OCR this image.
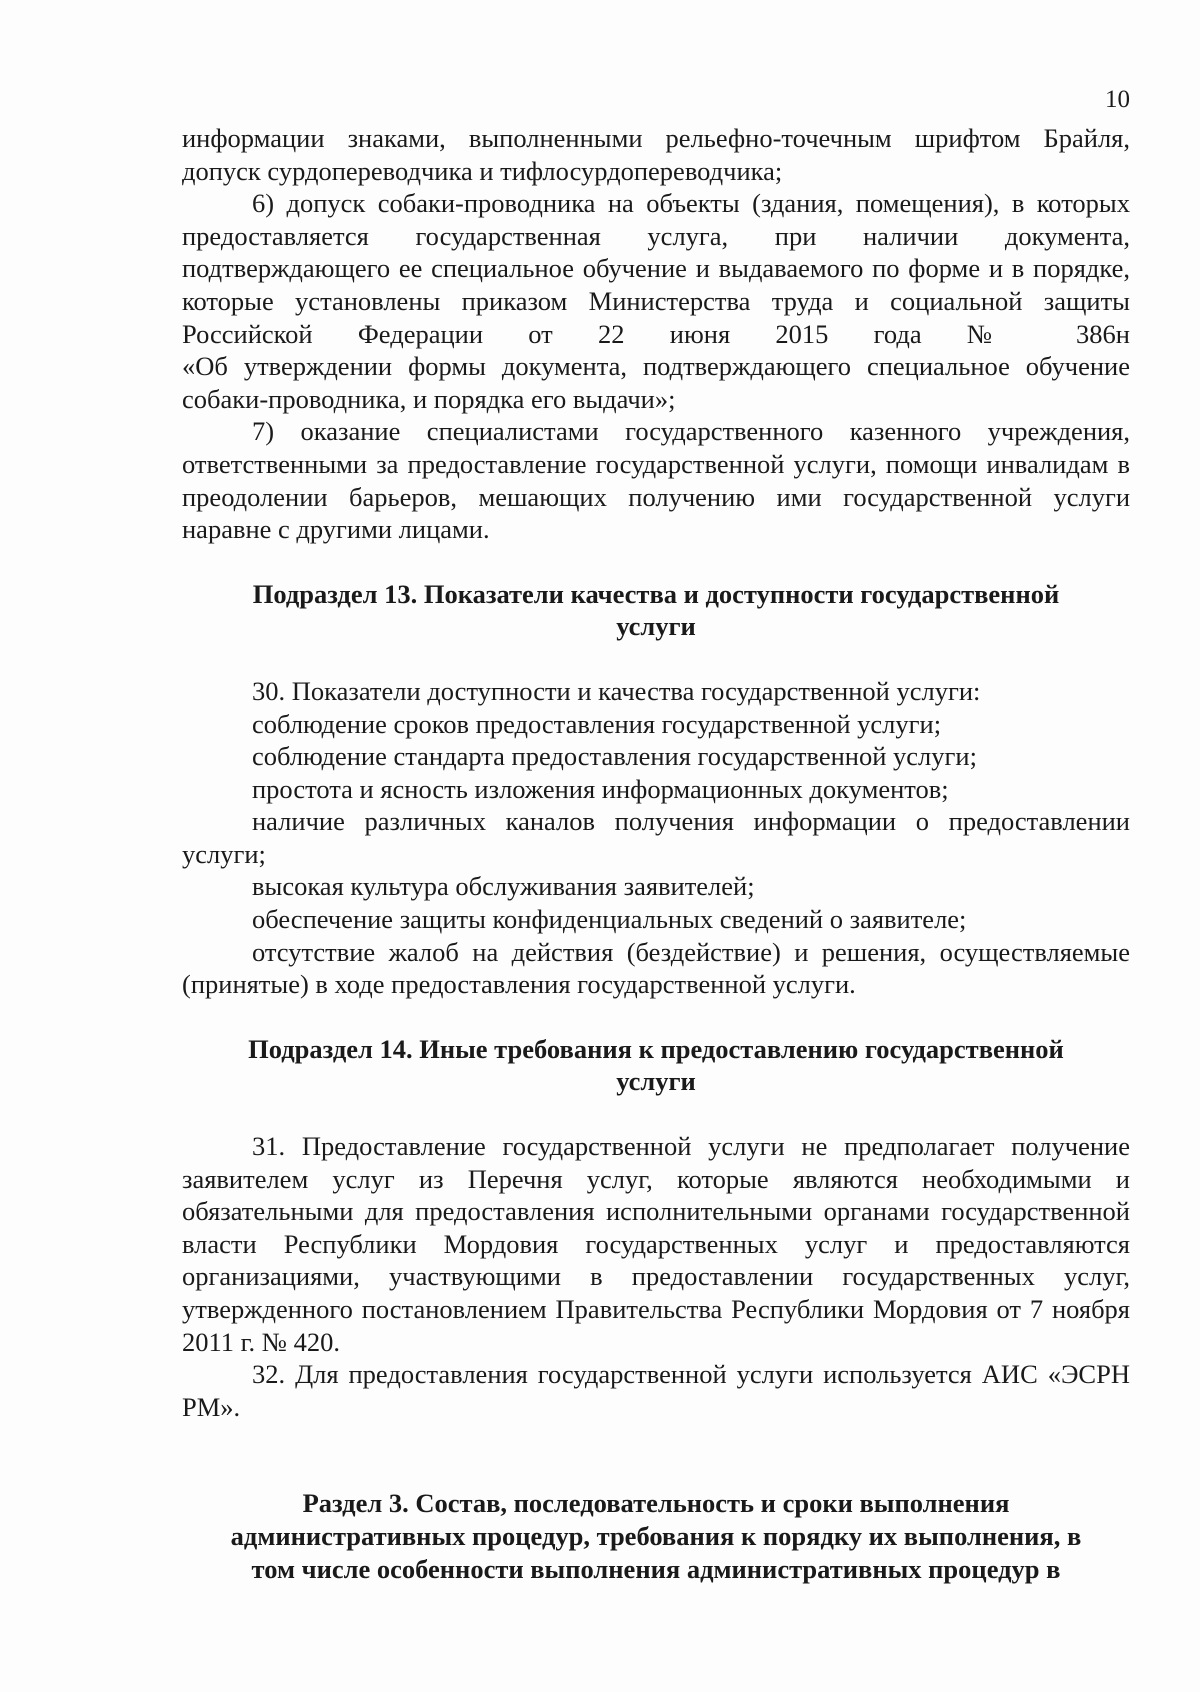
10

информации знаками, выполненными рельефно-точечным шрифтом Брайля, допуск сурдопереводчика и тифлосурдопереводчика;

6) допуск собаки-проводника на объекты (здания, помещения), в которых предоставляется государственная услуга, при наличии документа, подтверждающего ее специальное обучение и выдаваемого по форме и в порядке, которые установлены приказом Министерства труда и социальной защиты Российской Федерации от 22 июня 2015 года № 386н

«Об утверждении формы документа, подтверждающего специальное обучение собаки-проводника, и порядка его выдачи»;

7) оказание специалистами государственного казенного учреждения, ответственными за предоставление государственной услуги, помощи инвалидам в преодолении барьеров, мешающих получению ими государственной услуги наравне с другими лицами.

Подраздел 13. Показатели качества и доступности государственной
услуги

30. Показатели доступности и качества государственной услуги:

соблюдение сроков предоставления государственной услуги;

соблюдение стандарта предоставления государственной услуги;

простота и ясность изложения информационных документов;

наличие различных каналов получения информации о предоставлении услуги;

высокая культура обслуживания заявителей;

обеспечение защиты конфиденциальных сведений о заявителе;

отсутствие жалоб на действия (бездействие) и решения, осуществляемые (принятые) в ходе предоставления государственной услуги.

Подраздел 14. Иные требования к предоставлению государственной
услуги

31. Предоставление государственной услуги не предполагает получение заявителем услуг из Перечня услуг, которые являются необходимыми и обязательными для предоставления исполнительными органами государственной власти Республики Мордовия государственных услуг и предоставляются организациями, участвующими в предоставлении государственных услуг, утвержденного постановлением Правительства Республики Мордовия от 7 ноября 2011 г. № 420.

32. Для предоставления государственной услуги используется АИС «ЭСРН РМ».

Раздел 3. Состав, последовательность и сроки выполнения
административных процедур, требования к порядку их выполнения, в
том числе особенности выполнения административных процедур в
